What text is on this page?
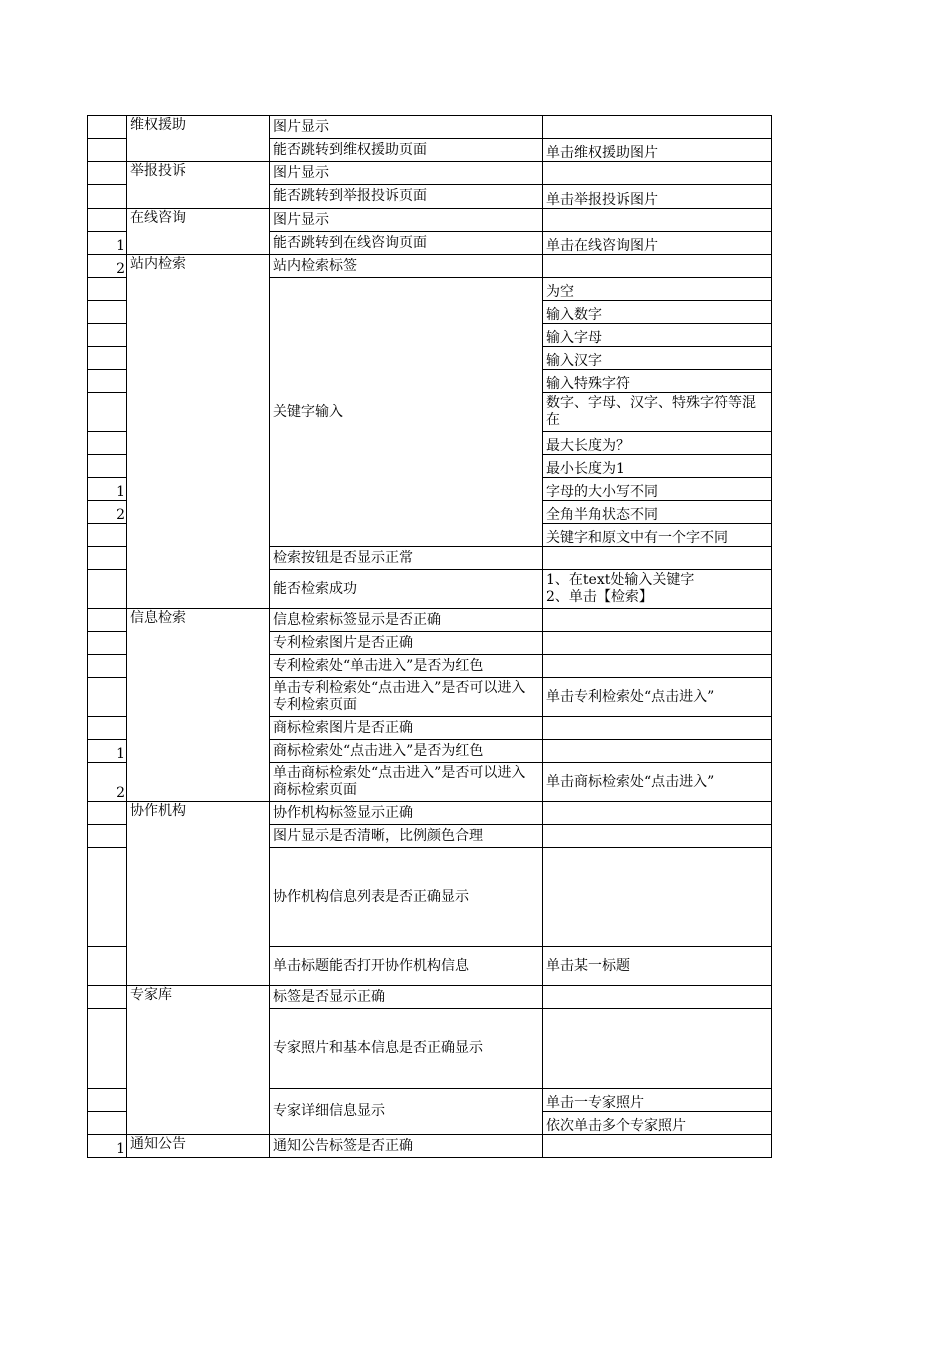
	维权援助	图片显示	
		能否跳转到维权援助页面	单击维权援助图片
	举报投诉	图片显示	
		能否跳转到举报投诉页面	单击举报投诉图片
	在线咨询	图片显示	
1		能否跳转到在线咨询页面	单击在线咨询图片
2	站内检索	站内检索标签	
		关键字输入	为空
			输入数字
			输入字母
			输入汉字
			输入特殊字符
			数字、字母、汉字、特殊字符等混在
			最大长度为？
			最小长度为1
1			字母的大小写不同
2			全角半角状态不同
			关键字和原文中有一个字不同
		检索按钮是否显示正常	
		能否检索成功	1、在text处输入关键字
2、单击【检索】
	信息检索	信息检索标签显示是否正确	
		专利检索图片是否正确	
		专利检索处“单击进入”是否为红色	
		单击专利检索处“点击进入”是否可以进入专利检索页面	单击专利检索处“点击进入”
		商标检索图片是否正确	
1		商标检索处“点击进入”是否为红色	
2		单击商标检索处“点击进入”是否可以进入商标检索页面	单击商标检索处“点击进入”
	协作机构	协作机构标签显示正确	
		图片显示是否清晰，比例颜色合理	
		协作机构信息列表是否正确显示	
		单击标题能否打开协作机构信息	单击某一标题
	专家库	标签是否显示正确	
		专家照片和基本信息是否正确显示	
		专家详细信息显示	单击一专家照片
			依次单击多个专家照片
1	通知公告	通知公告标签是否正确	
